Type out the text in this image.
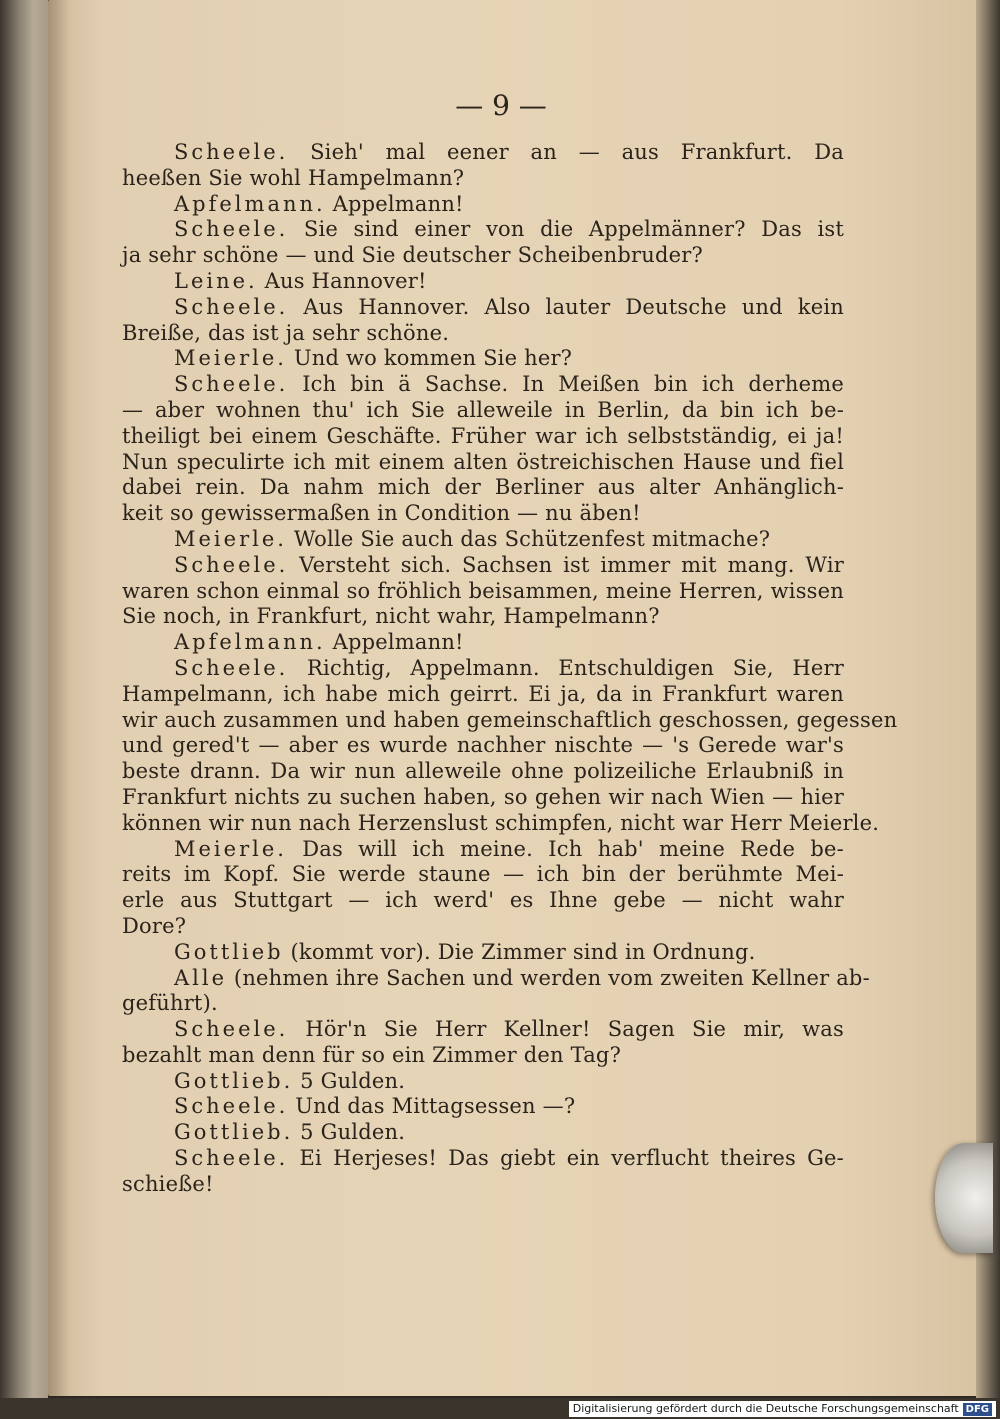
— 9 —
Scheele. Sieh' mal eener an — aus Frankfurt. Da
heeßen Sie wohl Hampelmann?
Apfelmann. Appelmann!
Scheele. Sie sind einer von die Appelmänner? Das ist
ja sehr schöne — und Sie deutscher Scheibenbruder?
Leine. Aus Hannover!
Scheele. Aus Hannover. Also lauter Deutsche und kein
Breiße, das ist ja sehr schöne.
Meierle. Und wo kommen Sie her?
Scheele. Ich bin ä Sachse. In Meißen bin ich derheme
— aber wohnen thu' ich Sie alleweile in Berlin, da bin ich be-
theiligt bei einem Geschäfte. Früher war ich selbstständig, ei ja!
Nun speculirte ich mit einem alten östreichischen Hause und fiel
dabei rein. Da nahm mich der Berliner aus alter Anhänglich-
keit so gewissermaßen in Condition — nu äben!
Meierle. Wolle Sie auch das Schützenfest mitmache?
Scheele. Versteht sich. Sachsen ist immer mit mang. Wir
waren schon einmal so fröhlich beisammen, meine Herren, wissen
Sie noch, in Frankfurt, nicht wahr, Hampelmann?
Apfelmann. Appelmann!
Scheele. Richtig, Appelmann. Entschuldigen Sie, Herr
Hampelmann, ich habe mich geirrt. Ei ja, da in Frankfurt waren
wir auch zusammen und haben gemeinschaftlich geschossen, gegessen
und gered't — aber es wurde nachher nischte — 's Gerede war's
beste drann. Da wir nun alleweile ohne polizeiliche Erlaubniß in
Frankfurt nichts zu suchen haben, so gehen wir nach Wien — hier
können wir nun nach Herzenslust schimpfen, nicht war Herr Meierle.
Meierle. Das will ich meine. Ich hab' meine Rede be-
reits im Kopf. Sie werde staune — ich bin der berühmte Mei-
erle aus Stuttgart — ich werd' es Ihne gebe — nicht wahr
Dore?
Gottlieb (kommt vor). Die Zimmer sind in Ordnung.
Alle (nehmen ihre Sachen und werden vom zweiten Kellner ab-
geführt).
Scheele. Hör'n Sie Herr Kellner! Sagen Sie mir, was
bezahlt man denn für so ein Zimmer den Tag?
Gottlieb. 5 Gulden.
Scheele. Und das Mittagsessen —?
Gottlieb. 5 Gulden.
Scheele. Ei Herjeses! Das giebt ein verflucht theires Ge-
schieße!
Digitalisierung gefördert durch die Deutsche Forschungsgemeinschaft DFG
